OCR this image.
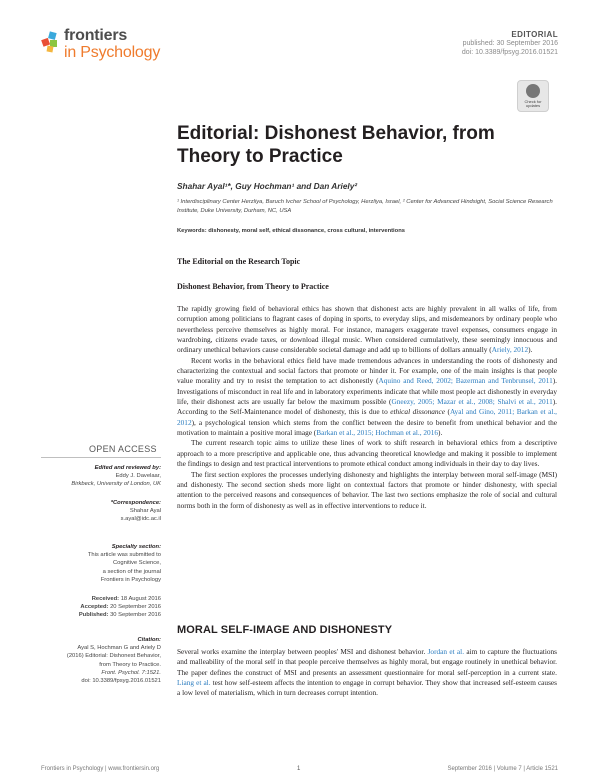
frontiers
in Psychology
EDITORIAL
published: 30 September 2016
doi: 10.3389/fpsyg.2016.01521
Check for
updates
Editorial: Dishonest Behavior, from Theory to Practice
Shahar Ayal¹*, Guy Hochman¹ and Dan Ariely²
¹ Interdisciplinary Center Herzliya, Baruch Ivcher School of Psychology, Herzliya, Israel, ² Center for Advanced Hindsight, Social Science Research Institute, Duke University, Durham, NC, USA
Keywords: dishonesty, moral self, ethical dissonance, cross cultural, interventions
The Editorial on the Research Topic
Dishonest Behavior, from Theory to Practice

The rapidly growing field of behavioral ethics has shown that dishonest acts are highly prevalent in all walks of life, from corruption among politicians to flagrant cases of doping in sports, to everyday slips, and misdemeanors by ordinary people who nevertheless perceive themselves as highly moral. For instance, managers exaggerate travel expenses, consumers engage in wardrobing, citizens evade taxes, or download illegal music. When considered cumulatively, these seemingly innocuous and ordinary unethical behaviors cause considerable societal damage and add up to billions of dollars annually (Ariely, 2012).

Recent works in the behavioral ethics field have made tremendous advances in understanding the roots of dishonesty and characterizing the contextual and social factors that promote or hinder it. For example, one of the main insights is that people value morality and try to resist the temptation to act dishonestly (Aquino and Reed, 2002; Bazerman and Tenbrunsel, 2011). Investigations of misconduct in real life and in laboratory experiments indicate that while most people act dishonestly in everyday life, their dishonest acts are usually far below the maximum possible (Gneezy, 2005; Mazar et al., 2008; Shalvi et al., 2011). According to the Self-Maintenance model of dishonesty, this is due to ethical dissonance (Ayal and Gino, 2011; Barkan et al., 2012), a psychological tension which stems from the conflict between the desire to benefit from unethical behavior and the motivation to maintain a positive moral image (Barkan et al., 2015; Hochman et al., 2016).

The current research topic aims to utilize these lines of work to shift research in behavioral ethics from a descriptive approach to a more prescriptive and applicable one, thus advancing theoretical knowledge and making it possible to implement the findings to design and test practical interventions to promote ethical conduct among individuals in their day to day lives.

The first section explores the processes underlying dishonesty and highlights the interplay between moral self-image (MSI) and dishonesty. The second section sheds more light on contextual factors that promote or hinder dishonesty, with special attention to the perceived reasons and consequences of behavior. The last two sections emphasize the role of social and cultural norms both in the form of dishonesty as well as in effective interventions to reduce it.

MORAL SELF-IMAGE AND DISHONESTY

Several works examine the interplay between peoples' MSI and dishonest behavior. Jordan et al. aim to capture the fluctuations and malleability of the moral self in that people perceive themselves as highly moral, but engage routinely in unethical behavior. The paper defines the construct of MSI and presents an assessment questionnaire for moral self-perception in a current state. Liang et al. test how self-esteem affects the intention to engage in corrupt behavior. They show that increased self-esteem causes a low level of materialism, which in turn decreases corrupt intention.

OPEN ACCESS
Edited and reviewed by:
Eddy J. Davelaar,
Birkbeck, University of London, UK
*Correspondence:
Shahar Ayal
s.ayal@idc.ac.il
Specialty section:
This article was submitted to
Cognitive Science,
a section of the journal
Frontiers in Psychology
Received: 18 August 2016
Accepted: 20 September 2016
Published: 30 September 2016
Citation:
Ayal S, Hochman G and Ariely D
(2016) Editorial: Dishonest Behavior,
from Theory to Practice.
Front. Psychol. 7:1521.
doi: 10.3389/fpsyg.2016.01521
Frontiers in Psychology | www.frontiersin.org	1	September 2016 | Volume 7 | Article 1521
